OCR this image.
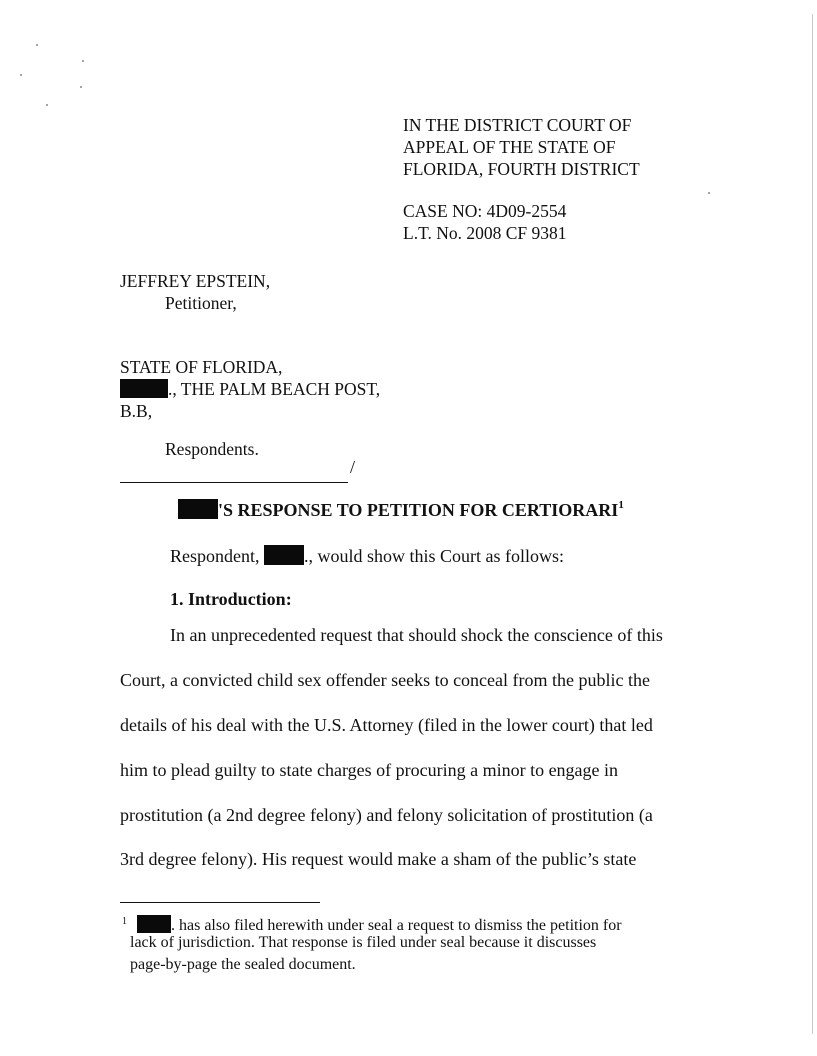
IN THE DISTRICT COURT OF
APPEAL OF THE STATE OF
FLORIDA, FOURTH DISTRICT
CASE NO: 4D09-2554
L.T. No. 2008 CF 9381
JEFFREY EPSTEIN,
Petitioner,
STATE OF FLORIDA,
., THE PALM BEACH POST,
B.B,
Respondents.
/
'S RESPONSE TO PETITION FOR CERTIORARI$^1$
Respondent, ., would show this Court as follows:
1. Introduction:
In an unprecedented request that should shock the conscience of this
Court, a convicted child sex offender seeks to conceal from the public the
details of his deal with the U.S. Attorney (filed in the lower court) that led
him to plead guilty to state charges of procuring a minor to engage in
prostitution (a 2nd degree felony) and felony solicitation of prostitution (a
3rd degree felony). His request would make a sham of the public’s state
$^1$	. has also filed herewith under seal a request to dismiss the petition for
lack of jurisdiction. That response is filed under seal because it discusses
page-by-page the sealed document.
